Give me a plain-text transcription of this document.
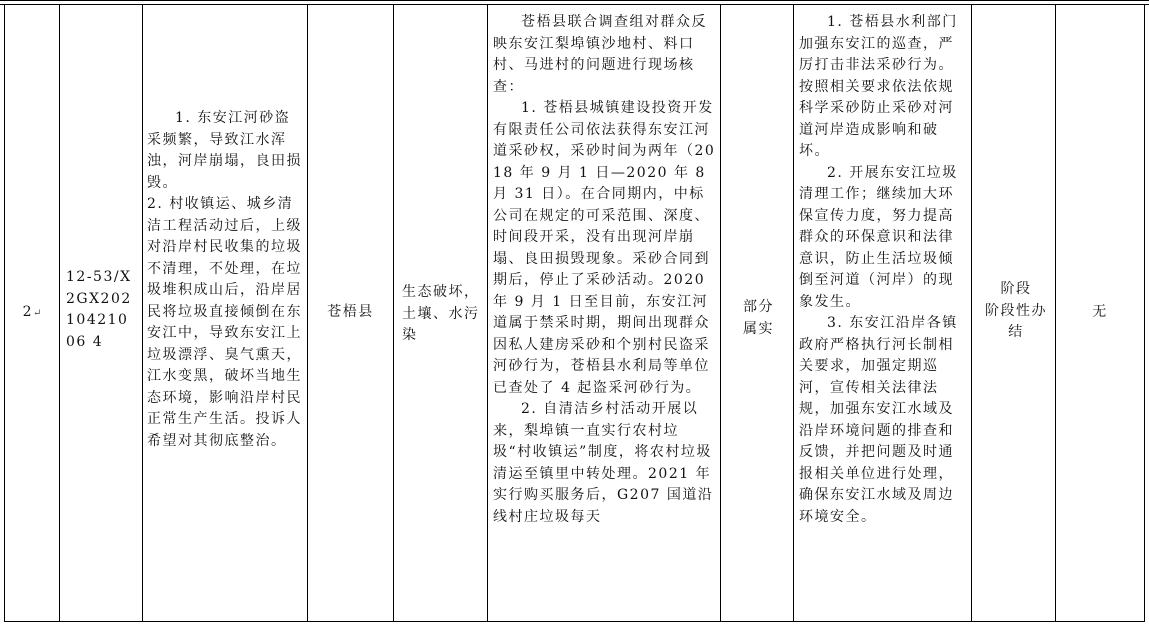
2 ↵
12-53/X2GX20210421006 4

1. 东安江河砂盗采频繁，导致江水浑浊，河岸崩塌，良田损毁。

2. 村收镇运、城乡清洁工程活动过后，上级对沿岸村民收集的垃圾不清理，不处理，在垃圾堆积成山后，沿岸居民将垃圾直接倾倒在东安江中，导致东安江上垃圾漂浮、臭气熏天，江水变黑，破坏当地生态环境，影响沿岸村民正常生产生活。投诉人希望对其彻底整治。

苍梧县
生态破坏，土壤、水污染

苍梧县联合调查组对群众反映东安江梨埠镇沙地村、料口村、马进村的问题进行现场核查：

1. 苍梧县城镇建设投资开发有限责任公司依法获得东安江河道采砂权，采砂时间为两年（2018 年 9 月 1 日—2020 年 8 月 31 日）。在合同期内，中标公司在规定的可采范围、深度、时间段开采，没有出现河岸崩塌、良田损毁现象。采砂合同到期后，停止了采砂活动。2020 年 9 月 1 日至目前，东安江河道属于禁采时期，期间出现群众因私人建房采砂和个别村民盗采河砂行为，苍梧县水利局等单位已查处了 4 起盗采河砂行为。

2. 自清洁乡村活动开展以来，梨埠镇一直实行农村垃圾“村收镇运”制度，将农村垃圾清运至镇里中转处理。2021 年实行购买服务后，G207 国道沿线村庄垃圾每天

部分属实

1. 苍梧县水利部门加强东安江的巡查，严厉打击非法采砂行为。按照相关要求依法依规科学采砂防止采砂对河道河岸造成影响和破坏。

2. 开展东安江垃圾清理工作；继续加大环保宣传力度，努力提高群众的环保意识和法律意识，防止生活垃圾倾倒至河道（河岸）的现象发生。

3. 东安江沿岸各镇政府严格执行河长制相关要求，加强定期巡河，宣传相关法律法规，加强东安江水域及沿岸环境问题的排查和反馈，并把问题及时通报相关单位进行处理，确保东安江水域及周边环境安全。

阶段
阶段性办结
无
